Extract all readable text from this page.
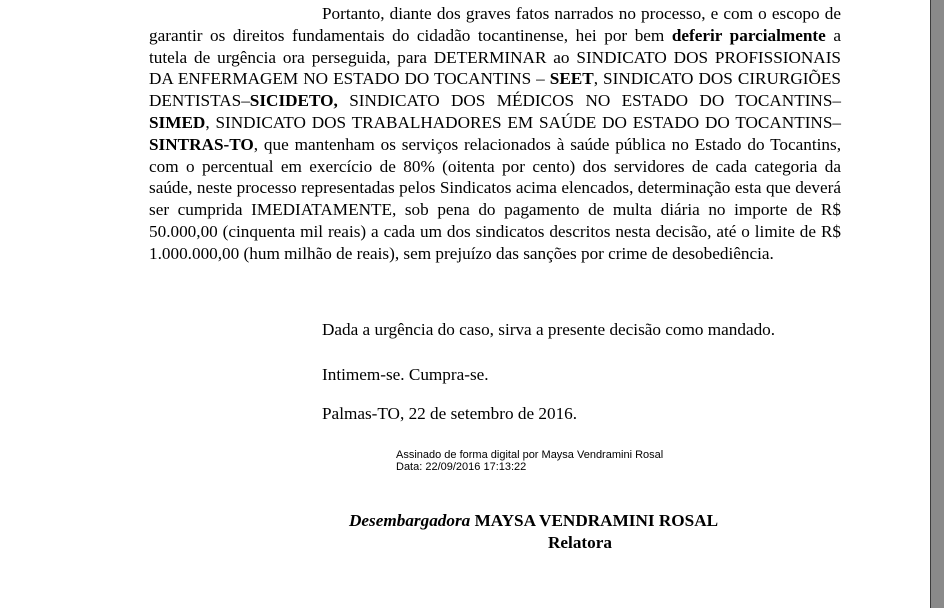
Portanto, diante dos graves fatos narrados no processo, e com o escopo de garantir os direitos fundamentais do cidadão tocantinense, hei por bem deferir parcialmente a tutela de urgência ora perseguida, para DETERMINAR ao SINDICATO DOS PROFISSIONAIS DA ENFERMAGEM NO ESTADO DO TOCANTINS – SEET, SINDICATO DOS CIRURGIÕES DENTISTAS–SICIDETO, SINDICATO DOS MÉDICOS NO ESTADO DO TOCANTINS–SIMED, SINDICATO DOS TRABALHADORES EM SAÚDE DO ESTADO DO TOCANTINS–SINTRAS-TO, que mantenham os serviços relacionados à saúde pública no Estado do Tocantins, com o percentual em exercício de 80% (oitenta por cento) dos servidores de cada categoria da saúde, neste processo representadas pelos Sindicatos acima elencados, determinação esta que deverá ser cumprida IMEDIATAMENTE, sob pena do pagamento de multa diária no importe de R$ 50.000,00 (cinquenta mil reais) a cada um dos sindicatos descritos nesta decisão, até o limite de R$ 1.000.000,00 (hum milhão de reais), sem prejuízo das sanções por crime de desobediência.

Dada a urgência do caso, sirva a presente decisão como mandado.
Intimem-se. Cumpra-se.
Palmas-TO, 22 de setembro de 2016.
Assinado de forma digital por Maysa Vendramini Rosal
Data: 22/09/2016 17:13:22
Desembargadora MAYSA VENDRAMINI ROSAL
Relatora
